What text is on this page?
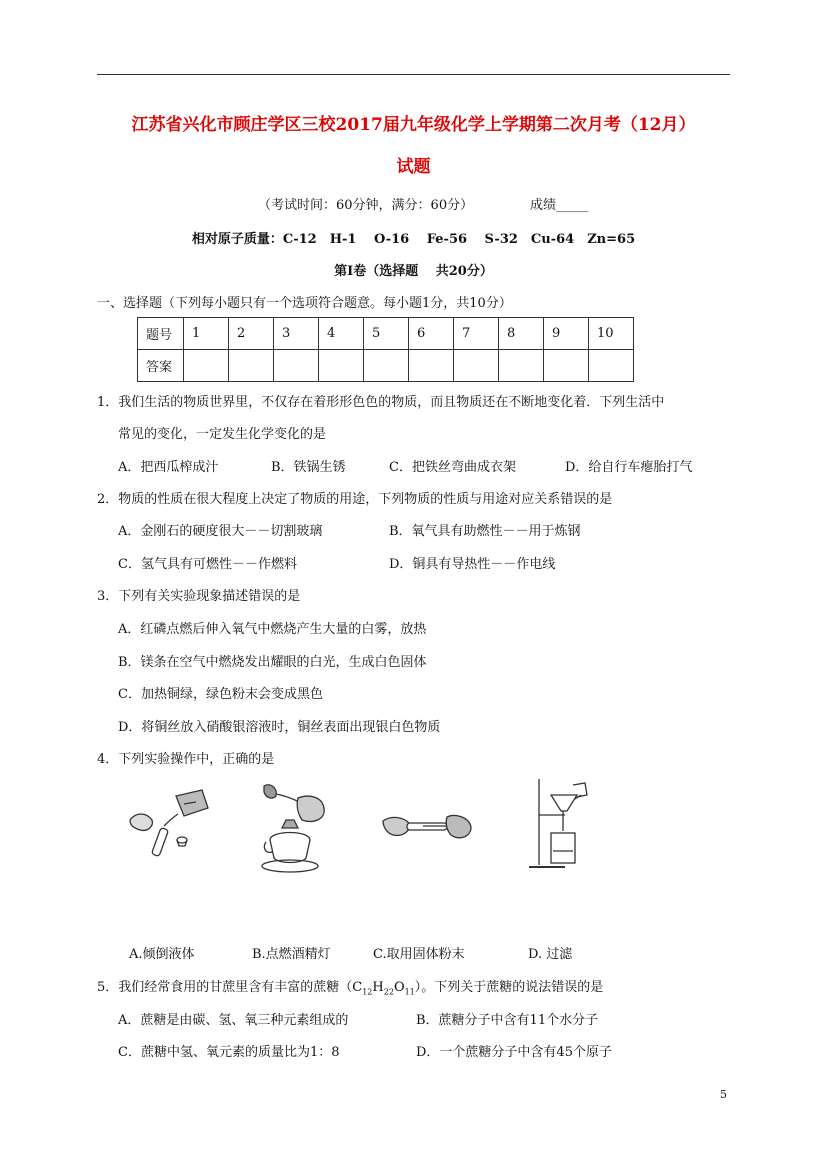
江苏省兴化市顾庄学区三校2017届九年级化学上学期第二次月考（12月）
试题
（考试时间：60分钟，满分：60分）	成绩_____
相对原子质量：C-12　H-1　 O-16　 Fe-56　 S-32　Cu-64　Zn=65
第Ⅰ卷（选择题　 共20分）
一、选择题（下列每小题只有一个选项符合题意。每小题1分，共10分）
题号	1	2	3	4	5	6	7	8	9	10
答案										
1．我们生活的物质世界里，不仅存在着形形色色的物质，而且物质还在不断地变化着．下列生活中
常见的变化，一定发生化学变化的是
A．把西瓜榨成汁	B．铁锅生锈	C．把铁丝弯曲成衣架	D．给自行车瘪胎打气
2．物质的性质在很大程度上决定了物质的用途，下列物质的性质与用途对应关系错误的是
A．金刚石的硬度很大－－切割玻璃	B．氧气具有助燃性－－用于炼钢
C．氢气具有可燃性－－作燃料	D．铜具有导热性－－作电线
3．下列有关实验现象描述错误的是
A．红磷点燃后伸入氧气中燃烧产生大量的白雾，放热
B．镁条在空气中燃烧发出耀眼的白光，生成白色固体
C．加热铜绿，绿色粉末会变成黑色
D．将铜丝放入硝酸银溶液时，铜丝表面出现银白色物质
4．下列实验操作中，正确的是
A.倾倒液体	B.点燃酒精灯	C.取用固体粉末	D. 过滤
5．我们经常食用的甘蔗里含有丰富的蔗糖$(C_{12}H_{22}O_{11})$。下列关于蔗糖的说法错误的是
A．蔗糖是由碳、氢、氧三种元素组成的	B．蔗糖分子中含有11个水分子
C．蔗糖中氢、氧元素的质量比为1：8	D．一个蔗糖分子中含有45个原子
5
